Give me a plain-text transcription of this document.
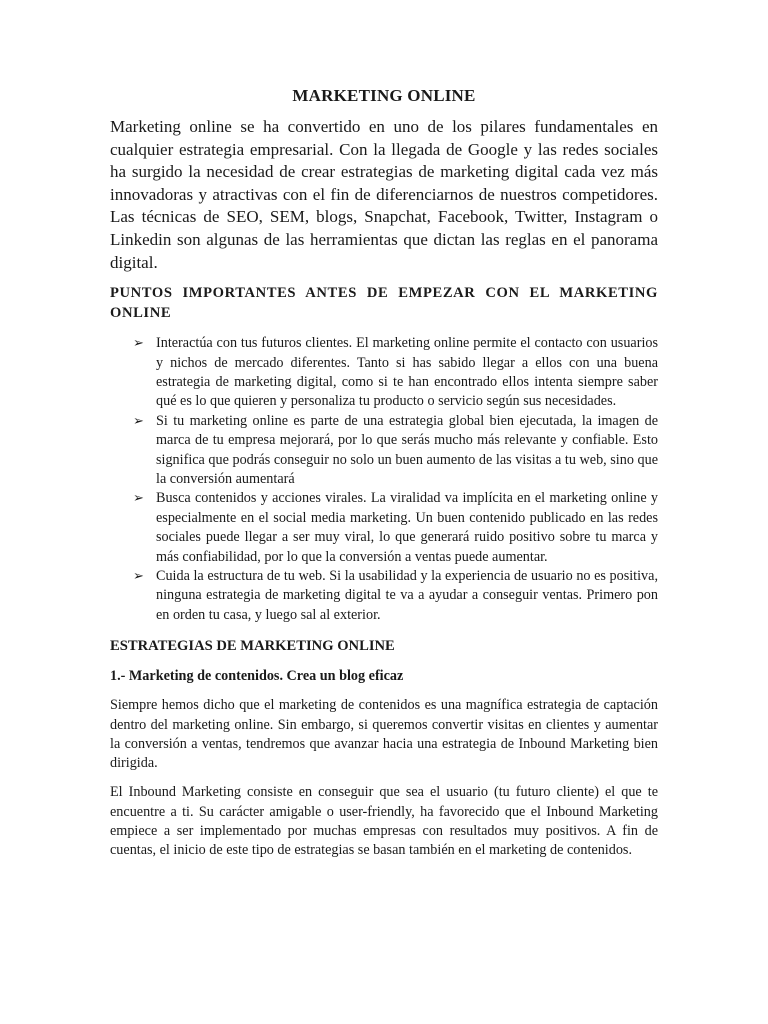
MARKETING ONLINE

Marketing online se ha convertido en uno de los pilares fundamentales en cualquier estrategia empresarial. Con la llegada de Google y las redes sociales ha surgido la necesidad de crear estrategias de marketing digital cada vez más innovadoras y atractivas con el fin de diferenciarnos de nuestros competidores. Las técnicas de SEO, SEM, blogs, Snapchat, Facebook, Twitter, Instagram o Linkedin son algunas de las herramientas que dictan las reglas en el panorama digital.

PUNTOS IMPORTANTES ANTES DE EMPEZAR CON EL MARKETING ONLINE
➢ Interactúa con tus futuros clientes. El marketing online permite el contacto con usuarios y nichos de mercado diferentes. Tanto si has sabido llegar a ellos con una buena estrategia de marketing digital, como si te han encontrado ellos intenta siempre saber qué es lo que quieren y personaliza tu producto o servicio según sus necesidades.
➢ Si tu marketing online es parte de una estrategia global bien ejecutada, la imagen de marca de tu empresa mejorará, por lo que serás mucho más relevante y confiable. Esto significa que podrás conseguir no solo un buen aumento de las visitas a tu web, sino que la conversión aumentará
➢ Busca contenidos y acciones virales. La viralidad va implícita en el marketing online y especialmente en el social media marketing. Un buen contenido publicado en las redes sociales puede llegar a ser muy viral, lo que generará ruido positivo sobre tu marca y más confiabilidad, por lo que la conversión a ventas puede aumentar.
➢ Cuida la estructura de tu web. Si la usabilidad y la experiencia de usuario no es positiva, ninguna estrategia de marketing digital te va a ayudar a conseguir ventas. Primero pon en orden tu casa, y luego sal al exterior.
ESTRATEGIAS DE MARKETING ONLINE
1.- Marketing de contenidos. Crea un blog eficaz

Siempre hemos dicho que el marketing de contenidos es una magnífica estrategia de captación dentro del marketing online. Sin embargo, si queremos convertir visitas en clientes y aumentar la conversión a ventas, tendremos que avanzar hacia una estrategia de Inbound Marketing bien dirigida.

El Inbound Marketing consiste en conseguir que sea el usuario (tu futuro cliente) el que te encuentre a ti. Su carácter amigable o user-friendly, ha favorecido que el Inbound Marketing empiece a ser implementado por muchas empresas con resultados muy positivos. A fin de cuentas, el inicio de este tipo de estrategias se basan también en el marketing de contenidos.
